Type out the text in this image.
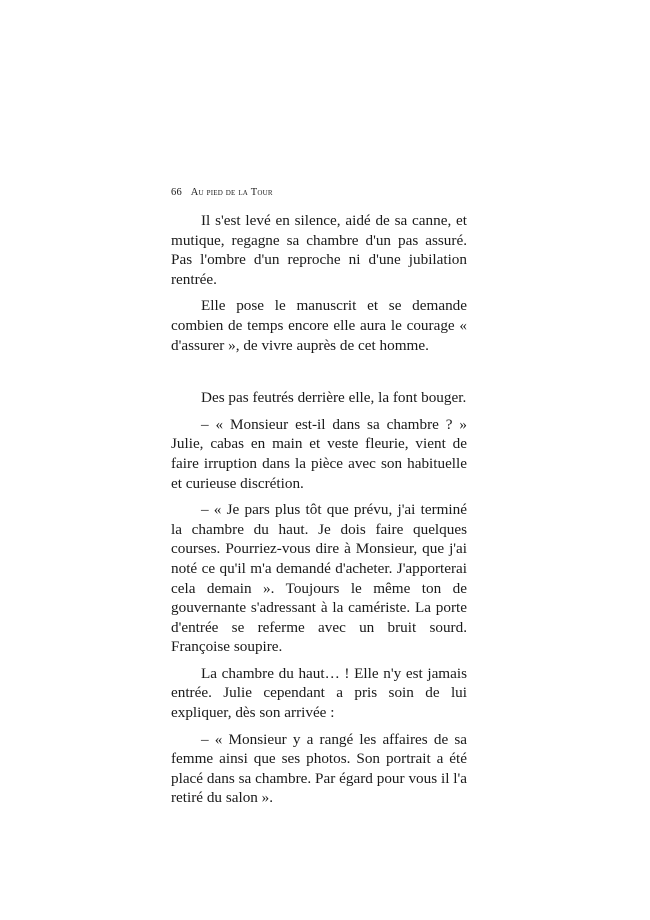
66 Au pied de la Tour

Il s'est levé en silence, aidé de sa canne, et mutique, regagne sa chambre d'un pas assuré. Pas l'ombre d'un reproche ni d'une jubilation rentrée.

Elle pose le manuscrit et se demande combien de temps encore elle aura le courage « d'assurer », de vivre auprès de cet homme.

Des pas feutrés derrière elle, la font bouger.

– « Monsieur est-il dans sa chambre ? » Julie, cabas en main et veste fleurie, vient de faire irruption dans la pièce avec son habituelle et curieuse discrétion.

– « Je pars plus tôt que prévu, j'ai terminé la chambre du haut. Je dois faire quelques courses. Pourriez-vous dire à Monsieur, que j'ai noté ce qu'il m'a demandé d'acheter. J'apporterai cela demain ». Toujours le même ton de gouvernante s'adressant à la camériste. La porte d'entrée se referme avec un bruit sourd. Françoise soupire.

La chambre du haut… ! Elle n'y est jamais entrée. Julie cependant a pris soin de lui expliquer, dès son arrivée :

– « Monsieur y a rangé les affaires de sa femme ainsi que ses photos. Son portrait a été placé dans sa chambre. Par égard pour vous il l'a retiré du salon ».
